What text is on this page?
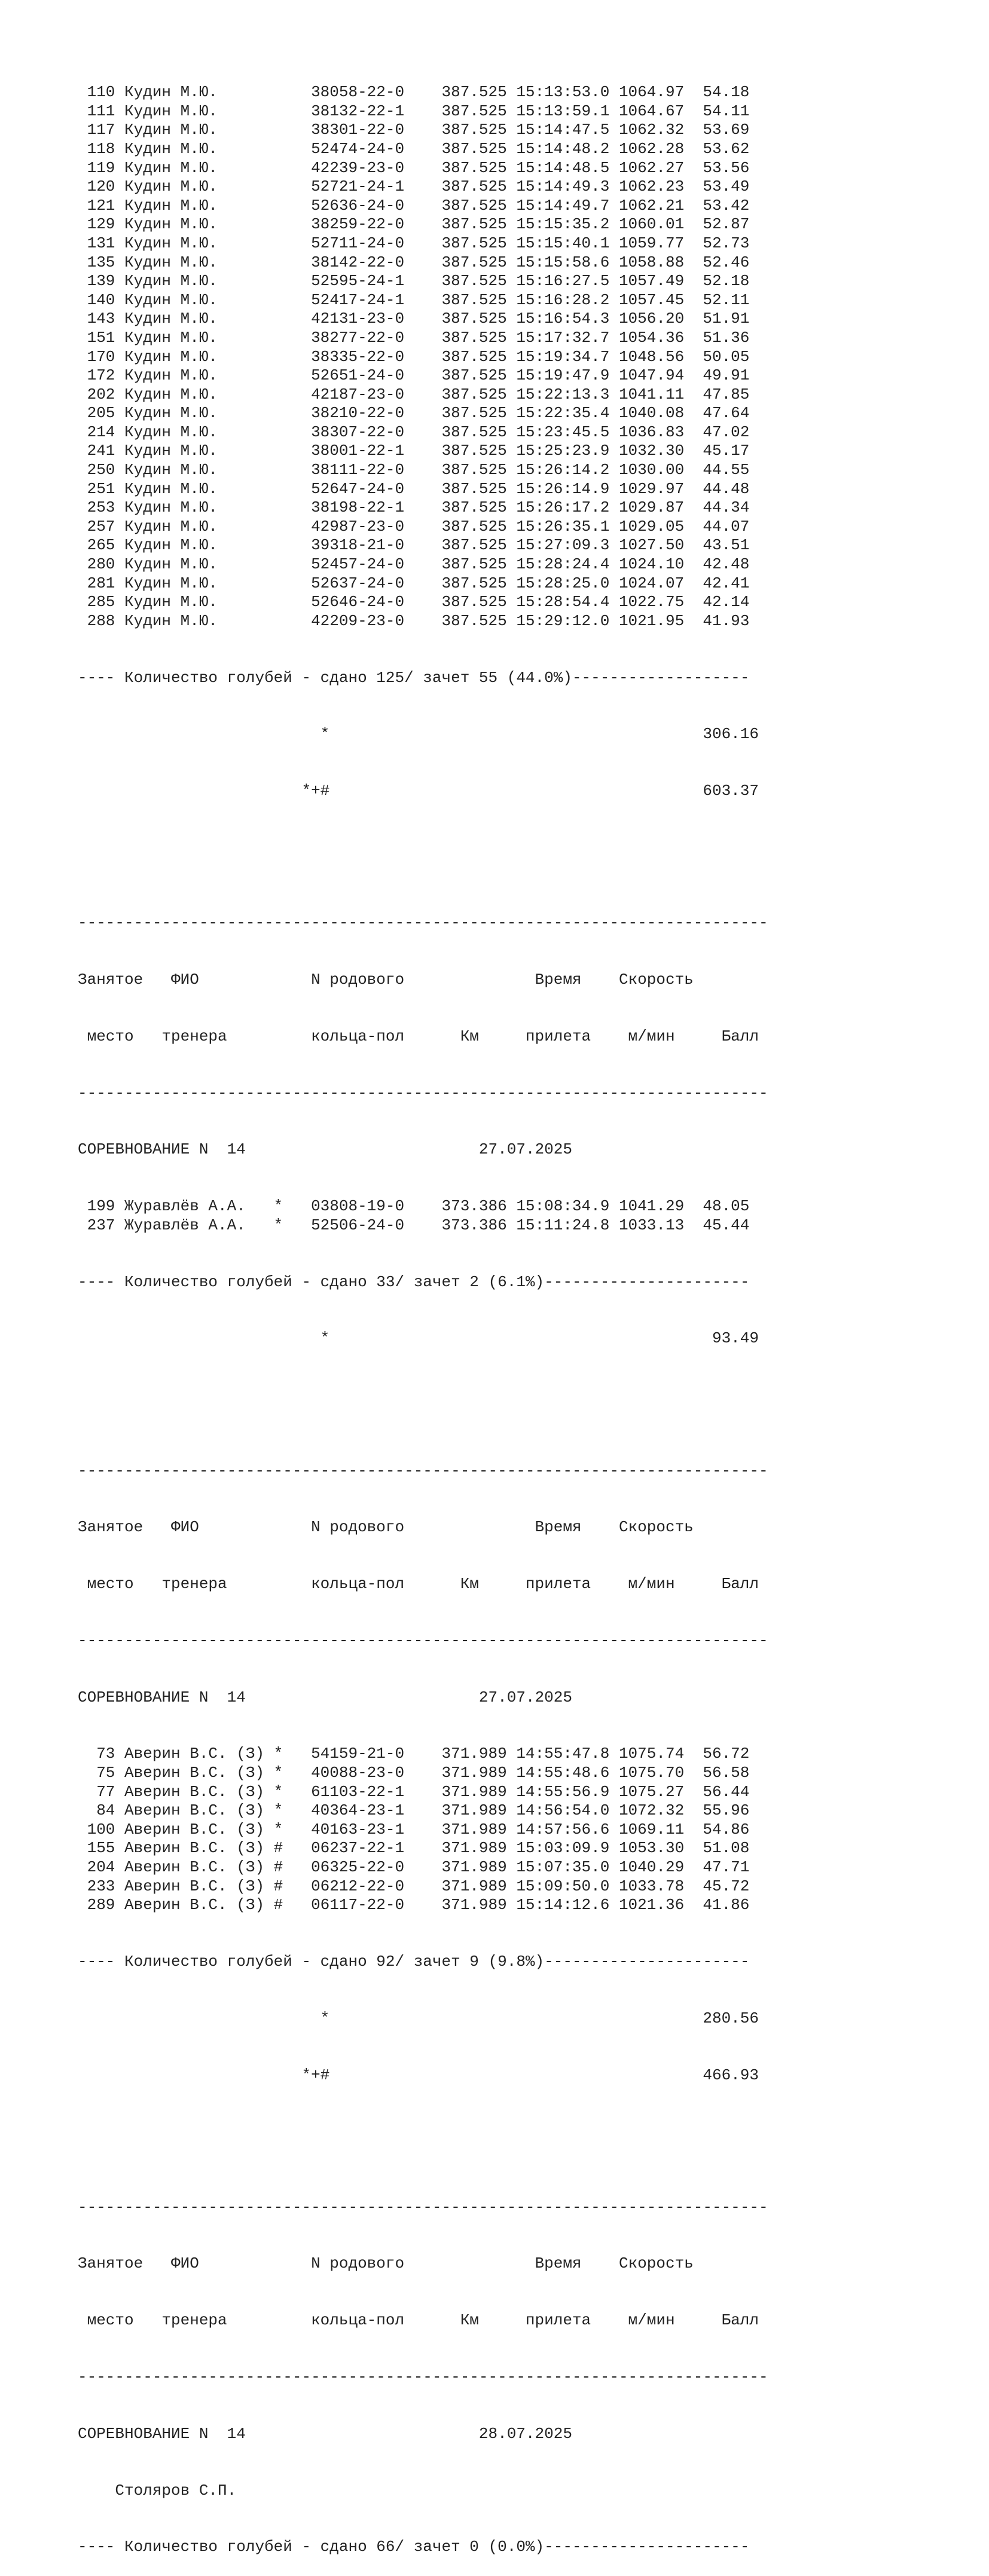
110 Кудин М.Ю.          38058-22-0    387.525 15:13:53.0 1064.97  54.18
111 Кудин М.Ю.          38132-22-1    387.525 15:13:59.1 1064.67  54.11
117 Кудин М.Ю.          38301-22-0    387.525 15:14:47.5 1062.32  53.69
118 Кудин М.Ю.          52474-24-0    387.525 15:14:48.2 1062.28  53.62
119 Кудин М.Ю.          42239-23-0    387.525 15:14:48.5 1062.27  53.56
120 Кудин М.Ю.          52721-24-1    387.525 15:14:49.3 1062.23  53.49
121 Кудин М.Ю.          52636-24-0    387.525 15:14:49.7 1062.21  53.42
129 Кудин М.Ю.          38259-22-0    387.525 15:15:35.2 1060.01  52.87
131 Кудин М.Ю.          52711-24-0    387.525 15:15:40.1 1059.77  52.73
135 Кудин М.Ю.          38142-22-0    387.525 15:15:58.6 1058.88  52.46
139 Кудин М.Ю.          52595-24-1    387.525 15:16:27.5 1057.49  52.18
140 Кудин М.Ю.          52417-24-1    387.525 15:16:28.2 1057.45  52.11
143 Кудин М.Ю.          42131-23-0    387.525 15:16:54.3 1056.20  51.91
151 Кудин М.Ю.          38277-22-0    387.525 15:17:32.7 1054.36  51.36
170 Кудин М.Ю.          38335-22-0    387.525 15:19:34.7 1048.56  50.05
172 Кудин М.Ю.          52651-24-0    387.525 15:19:47.9 1047.94  49.91
202 Кудин М.Ю.          42187-23-0    387.525 15:22:13.3 1041.11  47.85
205 Кудин М.Ю.          38210-22-0    387.525 15:22:35.4 1040.08  47.64
214 Кудин М.Ю.          38307-22-0    387.525 15:23:45.5 1036.83  47.02
241 Кудин М.Ю.          38001-22-1    387.525 15:25:23.9 1032.30  45.17
250 Кудин М.Ю.          38111-22-0    387.525 15:26:14.2 1030.00  44.55
251 Кудин М.Ю.          52647-24-0    387.525 15:26:14.9 1029.97  44.48
253 Кудин М.Ю.          38198-22-1    387.525 15:26:17.2 1029.87  44.34
257 Кудин М.Ю.          42987-23-0    387.525 15:26:35.1 1029.05  44.07
265 Кудин М.Ю.          39318-21-0    387.525 15:27:09.3 1027.50  43.51
280 Кудин М.Ю.          52457-24-0    387.525 15:28:24.4 1024.10  42.48
281 Кудин М.Ю.          52637-24-0    387.525 15:28:25.0 1024.07  42.41
285 Кудин М.Ю.          52646-24-0    387.525 15:28:54.4 1022.75  42.14
288 Кудин М.Ю.          42209-23-0    387.525 15:29:12.0 1021.95  41.93

---- Количество голубей - сдано 125/ зачет 55 (44.0%)-------------------

*                                        306.16

*+#                                        603.37

--------------------------------------------------------------------------

Занятое   ФИО            N родового              Время    Скорость

место   тренера         кольца-пол      Км     прилета    м/мин     Балл

--------------------------------------------------------------------------

СОРЕВНОВАНИЕ N  14                         27.07.2025

199 Журавлёв А.А.   *   03808-19-0    373.386 15:08:34.9 1041.29  48.05
237 Журавлёв А.А.   *   52506-24-0    373.386 15:11:24.8 1033.13  45.44

---- Количество голубей - сдано 33/ зачет 2 (6.1%)----------------------

*                                         93.49

--------------------------------------------------------------------------

Занятое   ФИО            N родового              Время    Скорость

место   тренера         кольца-пол      Км     прилета    м/мин     Балл

--------------------------------------------------------------------------

СОРЕВНОВАНИЕ N  14                         27.07.2025

73 Аверин В.С. (З) *   54159-21-0    371.989 14:55:47.8 1075.74  56.72
75 Аверин В.С. (З) *   40088-23-0    371.989 14:55:48.6 1075.70  56.58
77 Аверин В.С. (З) *   61103-22-1    371.989 14:55:56.9 1075.27  56.44
84 Аверин В.С. (З) *   40364-23-1    371.989 14:56:54.0 1072.32  55.96
100 Аверин В.С. (З) *   40163-23-1    371.989 14:57:56.6 1069.11  54.86
155 Аверин В.С. (З) #   06237-22-1    371.989 15:03:09.9 1053.30  51.08
204 Аверин В.С. (З) #   06325-22-0    371.989 15:07:35.0 1040.29  47.71
233 Аверин В.С. (З) #   06212-22-0    371.989 15:09:50.0 1033.78  45.72
289 Аверин В.С. (З) #   06117-22-0    371.989 15:14:12.6 1021.36  41.86

---- Количество голубей - сдано 92/ зачет 9 (9.8%)----------------------

*                                        280.56

*+#                                        466.93

--------------------------------------------------------------------------

Занятое   ФИО            N родового              Время    Скорость

место   тренера         кольца-пол      Км     прилета    м/мин     Балл

--------------------------------------------------------------------------

СОРЕВНОВАНИЕ N  14                         28.07.2025

Столяров С.П.

---- Количество голубей - сдано 66/ зачет 0 (0.0%)----------------------
